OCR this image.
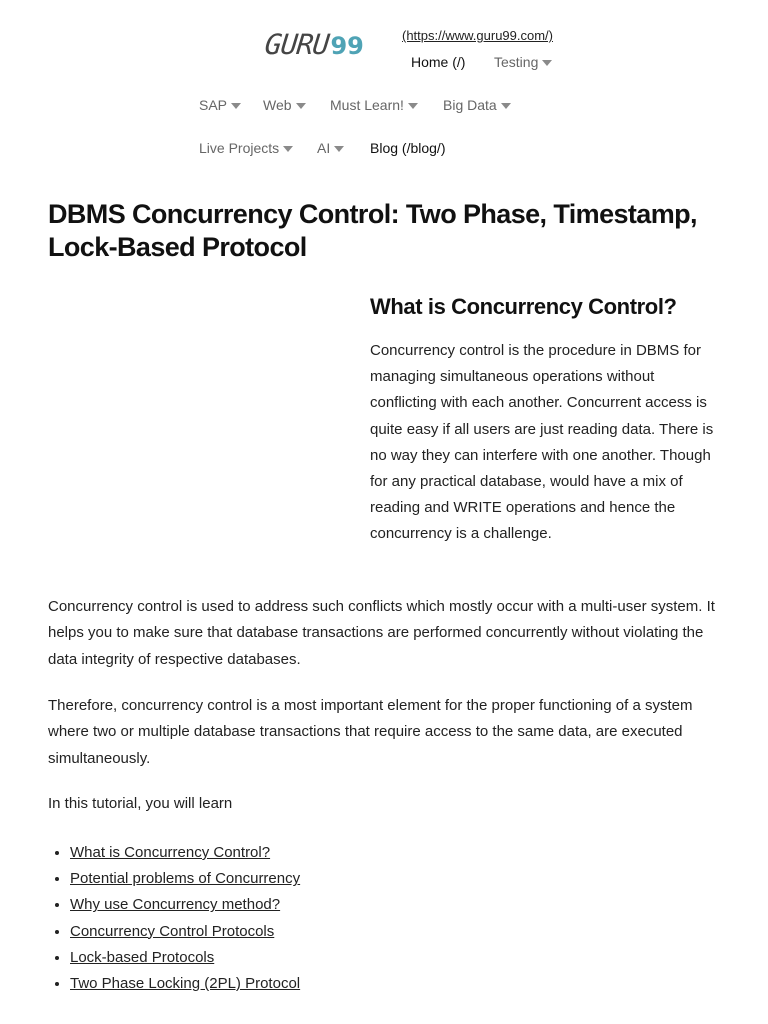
GURU 99	(https://www.guru99.com/)
Home (/) Testing
SAP	Web	Must Learn!	Big Data
Live Projects	AI	Blog (/blog/)
DBMS Concurrency Control: Two Phase, Timestamp, Lock-Based Protocol
What is Concurrency Control?

Concurrency control is the procedure in DBMS for managing simultaneous operations without conflicting with each another. Concurrent access is quite easy if all users are just reading data. There is no way they can interfere with one another. Though for any practical database, would have a mix of reading and WRITE operations and hence the concurrency is a challenge.

Concurrency control is used to address such conflicts which mostly occur with a multi-user system. It helps you to make sure that database transactions are performed concurrently without violating the data integrity of respective databases.

Therefore, concurrency control is a most important element for the proper functioning of a system where two or multiple database transactions that require access to the same data, are executed simultaneously.

In this tutorial, you will learn

• What is Concurrency Control?
• Potential problems of Concurrency
• Why use Concurrency method?
• Concurrency Control Protocols
• Lock-based Protocols
• Two Phase Locking (2PL) Protocol
